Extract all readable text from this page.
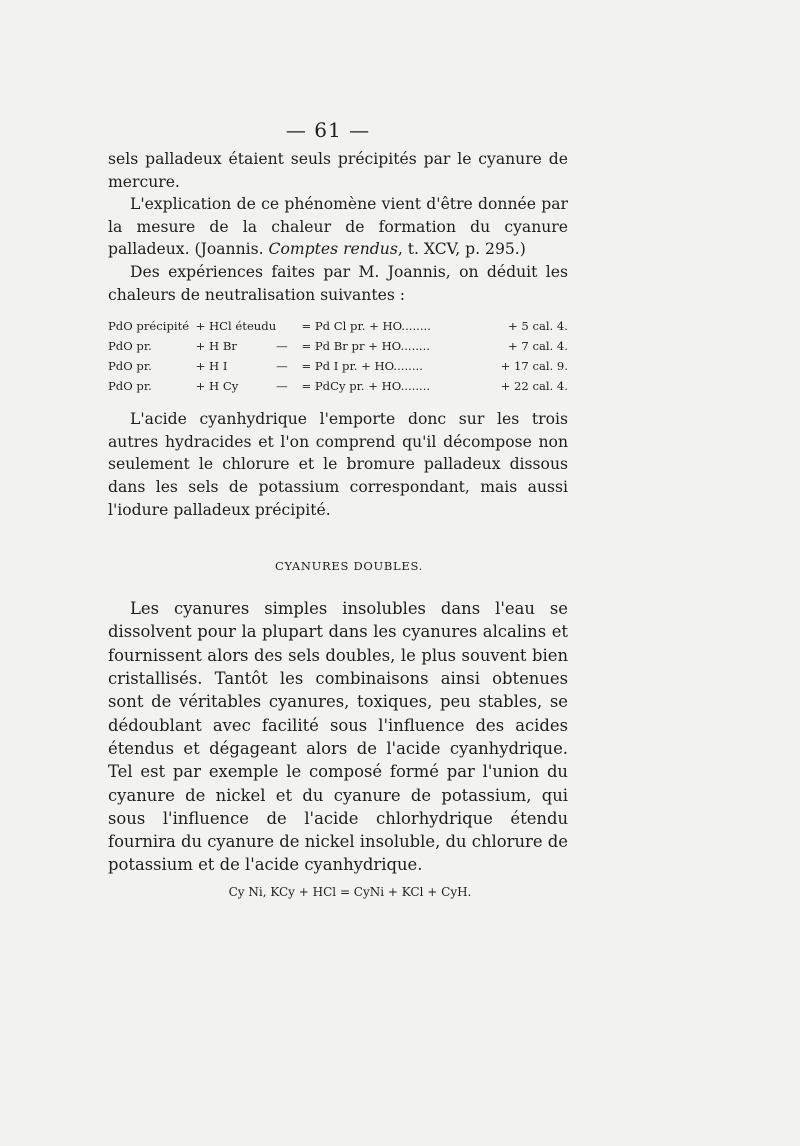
— 61 —

sels palladeux étaient seuls précipités par le cyanure de mercure.

L'explication de ce phénomène vient d'être donnée par la mesure de la chaleur de formation du cyanure palladeux. (Joannis. Comptes rendus, t. XCV, p. 295.)

Des expériences faites par M. Joannis, on déduit les chaleurs de neutralisation suivantes :

PdO précipité	+ HCl éteudu		= Pd Cl pr. + HO........	+ 5 cal. 4.
PdO pr.	+ H Br	—	= Pd Br pr + HO........	+ 7 cal. 4.
PdO pr.	+ H I	—	= Pd I pr. + HO........	+ 17 cal. 9.
PdO pr.	+ H Cy	—	= PdCy pr. + HO........	+ 22 cal. 4.

L'acide cyanhydrique l'emporte donc sur les trois autres hydracides et l'on comprend qu'il décompose non seulement le chlorure et le bromure palladeux dissous dans les sels de potassium correspondant, mais aussi l'iodure palladeux précipité.

CYANURES DOUBLES.

Les cyanures simples insolubles dans l'eau se dissolvent pour la plupart dans les cyanures alcalins et fournissent alors des sels doubles, le plus souvent bien cristallisés. Tantôt les combinaisons ainsi obtenues sont de véritables cyanures, toxiques, peu stables, se dédoublant avec facilité sous l'influence des acides étendus et dégageant alors de l'acide cyanhydrique. Tel est par exemple le composé formé par l'union du cyanure de nickel et du cyanure de potassium, qui sous l'influence de l'acide chlorhydrique étendu fournira du cyanure de nickel insoluble, du chlorure de potassium et de l'acide cyanhydrique.

Cy Ni, KCy + HCl = CyNi + KCl + CyH.
